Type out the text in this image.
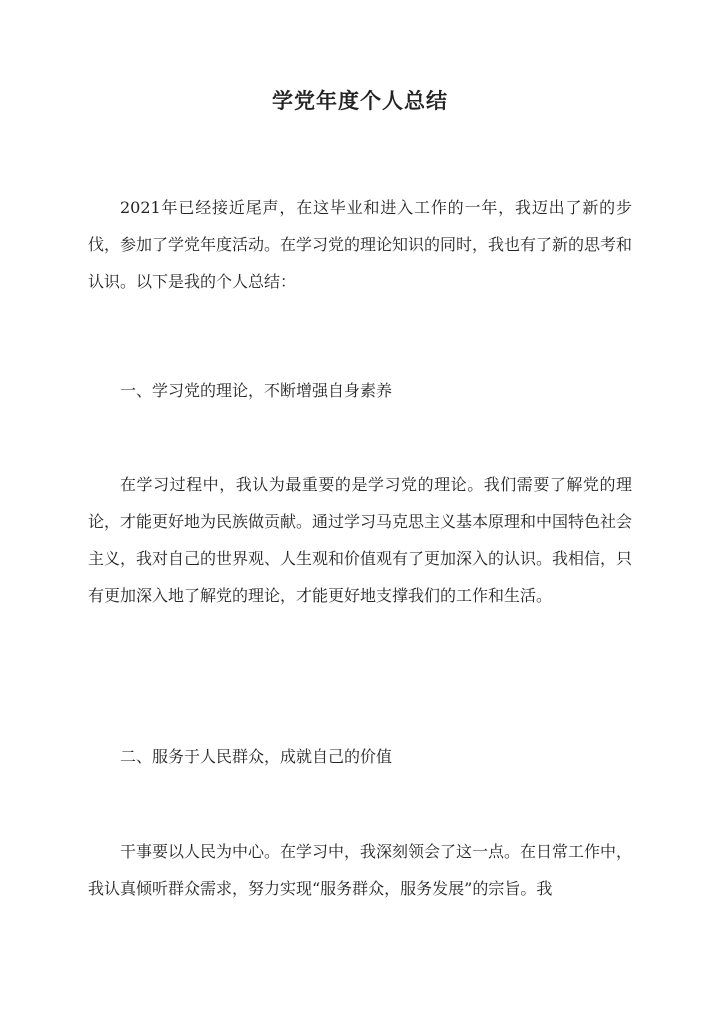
学党年度个人总结

2021年已经接近尾声，在这毕业和进入工作的一年，我迈出了新的步伐，参加了学党年度活动。在学习党的理论知识的同时，我也有了新的思考和认识。以下是我的个人总结：

一、学习党的理论，不断增强自身素养

在学习过程中，我认为最重要的是学习党的理论。我们需要了解党的理论，才能更好地为民族做贡献。通过学习马克思主义基本原理和中国特色社会主义，我对自己的世界观、人生观和价值观有了更加深入的认识。我相信，只有更加深入地了解党的理论，才能更好地支撑我们的工作和生活。

二、服务于人民群众，成就自己的价值

干事要以人民为中心。在学习中，我深刻领会了这一点。在日常工作中，我认真倾听群众需求，努力实现“服务群众，服务发展”的宗旨。我
